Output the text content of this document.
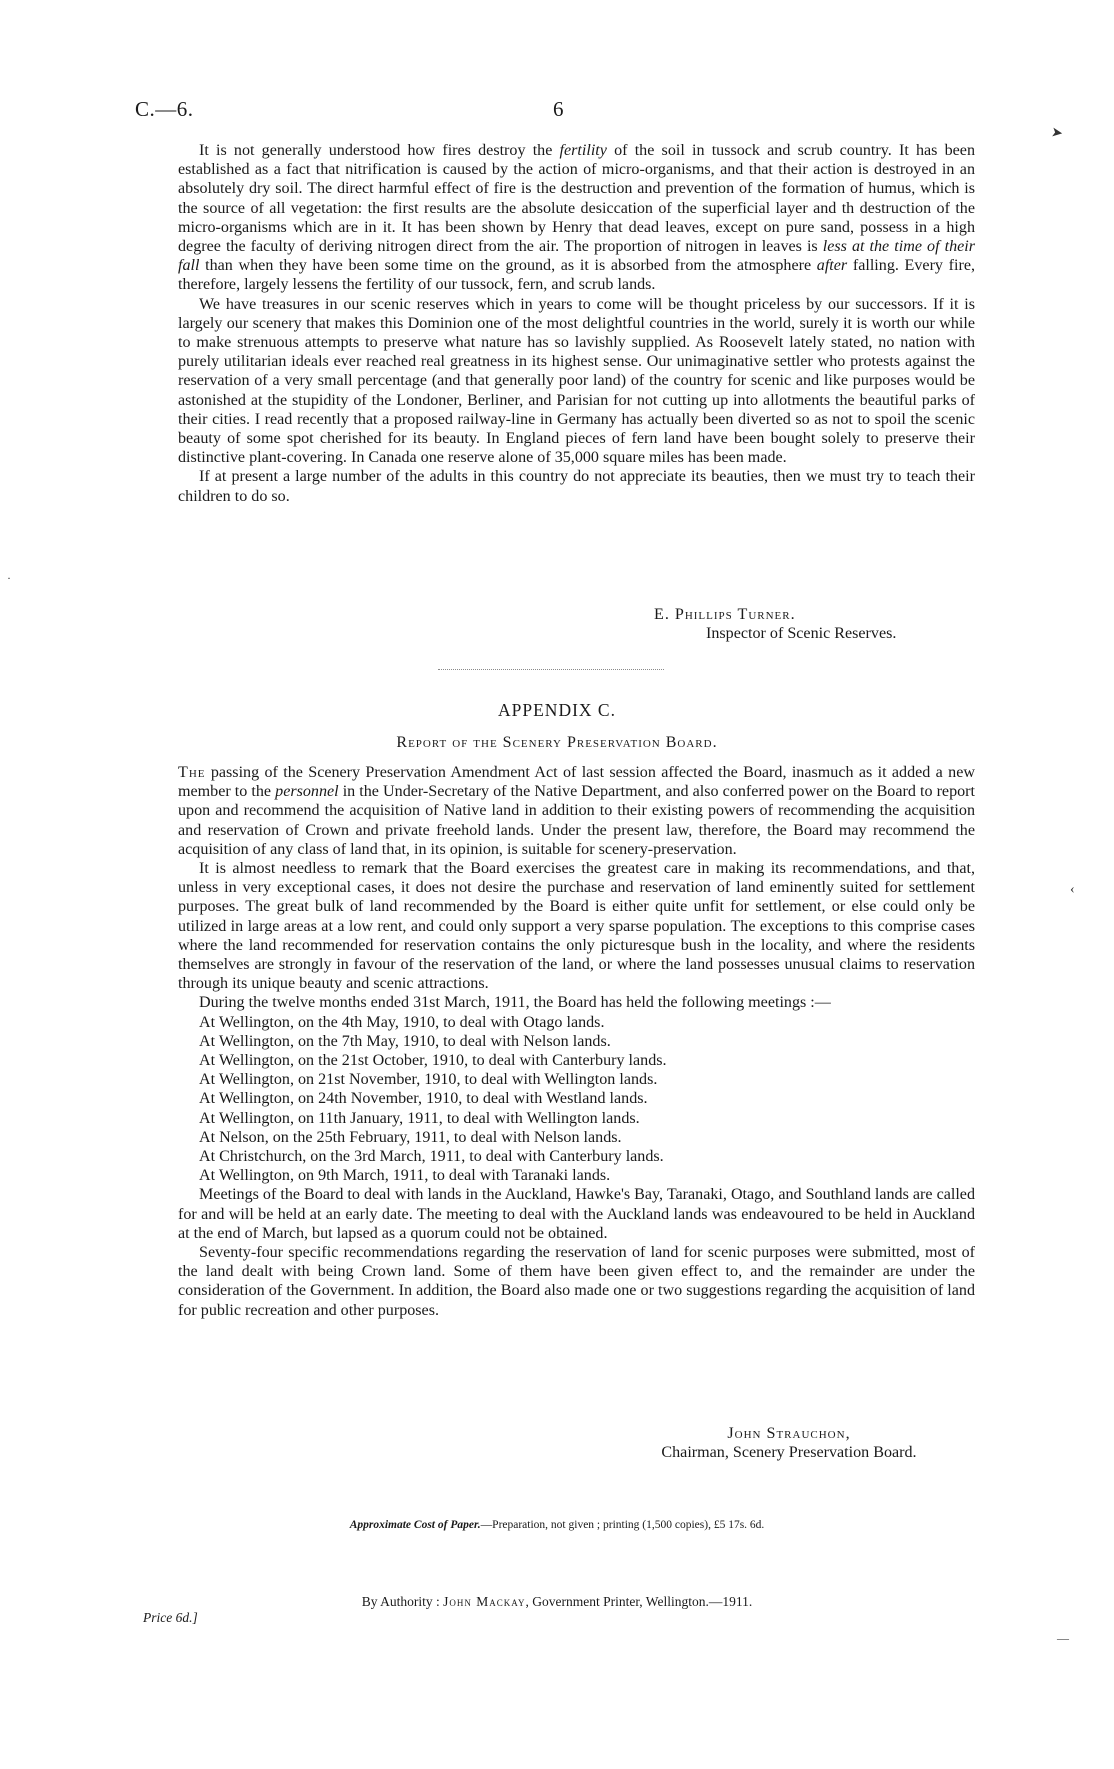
C.—6.	6
➤
‹
—
·

It is not generally understood how fires destroy the fertility of the soil in tussock and scrub country. It has been established as a fact that nitrification is caused by the action of micro-organisms, and that their action is destroyed in an absolutely dry soil. The direct harmful effect of fire is the destruction and prevention of the formation of humus, which is the source of all vegetation: the first results are the absolute desiccation of the superficial layer and th destruction of the micro-organisms which are in it. It has been shown by Henry that dead leaves, except on pure sand, possess in a high degree the faculty of deriving nitrogen direct from the air. The proportion of nitrogen in leaves is less at the time of their fall than when they have been some time on the ground, as it is absorbed from the atmosphere after falling. Every fire, therefore, largely lessens the fertility of our tussock, fern, and scrub lands.

We have treasures in our scenic reserves which in years to come will be thought priceless by our successors. If it is largely our scenery that makes this Dominion one of the most delightful countries in the world, surely it is worth our while to make strenuous attempts to preserve what nature has so lavishly supplied. As Roosevelt lately stated, no nation with purely utilitarian ideals ever reached real greatness in its highest sense. Our unimaginative settler who protests against the reservation of a very small percentage (and that generally poor land) of the country for scenic and like purposes would be astonished at the stupidity of the Londoner, Berliner, and Parisian for not cutting up into allotments the beautiful parks of their cities. I read recently that a proposed railway-line in Germany has actually been diverted so as not to spoil the scenic beauty of some spot cherished for its beauty. In England pieces of fern land have been bought solely to preserve their distinctive plant-covering. In Canada one reserve alone of 35,000 square miles has been made.

If at present a large number of the adults in this country do not appreciate its beauties, then we must try to teach their children to do so.

E. Phillips Turner.
Inspector of Scenic Reserves.
APPENDIX C.
Report of the Scenery Preservation Board.

The passing of the Scenery Preservation Amendment Act of last session affected the Board, inasmuch as it added a new member to the personnel in the Under-Secretary of the Native Department, and also conferred power on the Board to report upon and recommend the acquisition of Native land in addition to their existing powers of recommending the acquisition and reservation of Crown and private freehold lands. Under the present law, therefore, the Board may recommend the acquisition of any class of land that, in its opinion, is suitable for scenery-preservation.

It is almost needless to remark that the Board exercises the greatest care in making its recommendations, and that, unless in very exceptional cases, it does not desire the purchase and reservation of land eminently suited for settlement purposes. The great bulk of land recommended by the Board is either quite unfit for settlement, or else could only be utilized in large areas at a low rent, and could only support a very sparse population. The exceptions to this comprise cases where the land recommended for reservation contains the only picturesque bush in the locality, and where the residents themselves are strongly in favour of the reservation of the land, or where the land possesses unusual claims to reservation through its unique beauty and scenic attractions.

During the twelve months ended 31st March, 1911, the Board has held the following meetings :—

At Wellington, on the 4th May, 1910, to deal with Otago lands.
At Wellington, on the 7th May, 1910, to deal with Nelson lands.
At Wellington, on the 21st October, 1910, to deal with Canterbury lands.
At Wellington, on 21st November, 1910, to deal with Wellington lands.
At Wellington, on 24th November, 1910, to deal with Westland lands.
At Wellington, on 11th January, 1911, to deal with Wellington lands.
At Nelson, on the 25th February, 1911, to deal with Nelson lands.
At Christchurch, on the 3rd March, 1911, to deal with Canterbury lands.
At Wellington, on 9th March, 1911, to deal with Taranaki lands.

Meetings of the Board to deal with lands in the Auckland, Hawke's Bay, Taranaki, Otago, and Southland lands are called for and will be held at an early date. The meeting to deal with the Auckland lands was endeavoured to be held in Auckland at the end of March, but lapsed as a quorum could not be obtained.

Seventy-four specific recommendations regarding the reservation of land for scenic purposes were submitted, most of the land dealt with being Crown land. Some of them have been given effect to, and the remainder are under the consideration of the Government. In addition, the Board also made one or two suggestions regarding the acquisition of land for public recreation and other purposes.

John Strauchon,
Chairman, Scenery Preservation Board.
Approximate Cost of Paper.—Preparation, not given ; printing (1,500 copies), £5 17s. 6d.
By Authority : John Mackay, Government Printer, Wellington.—1911.
Price 6d.]
